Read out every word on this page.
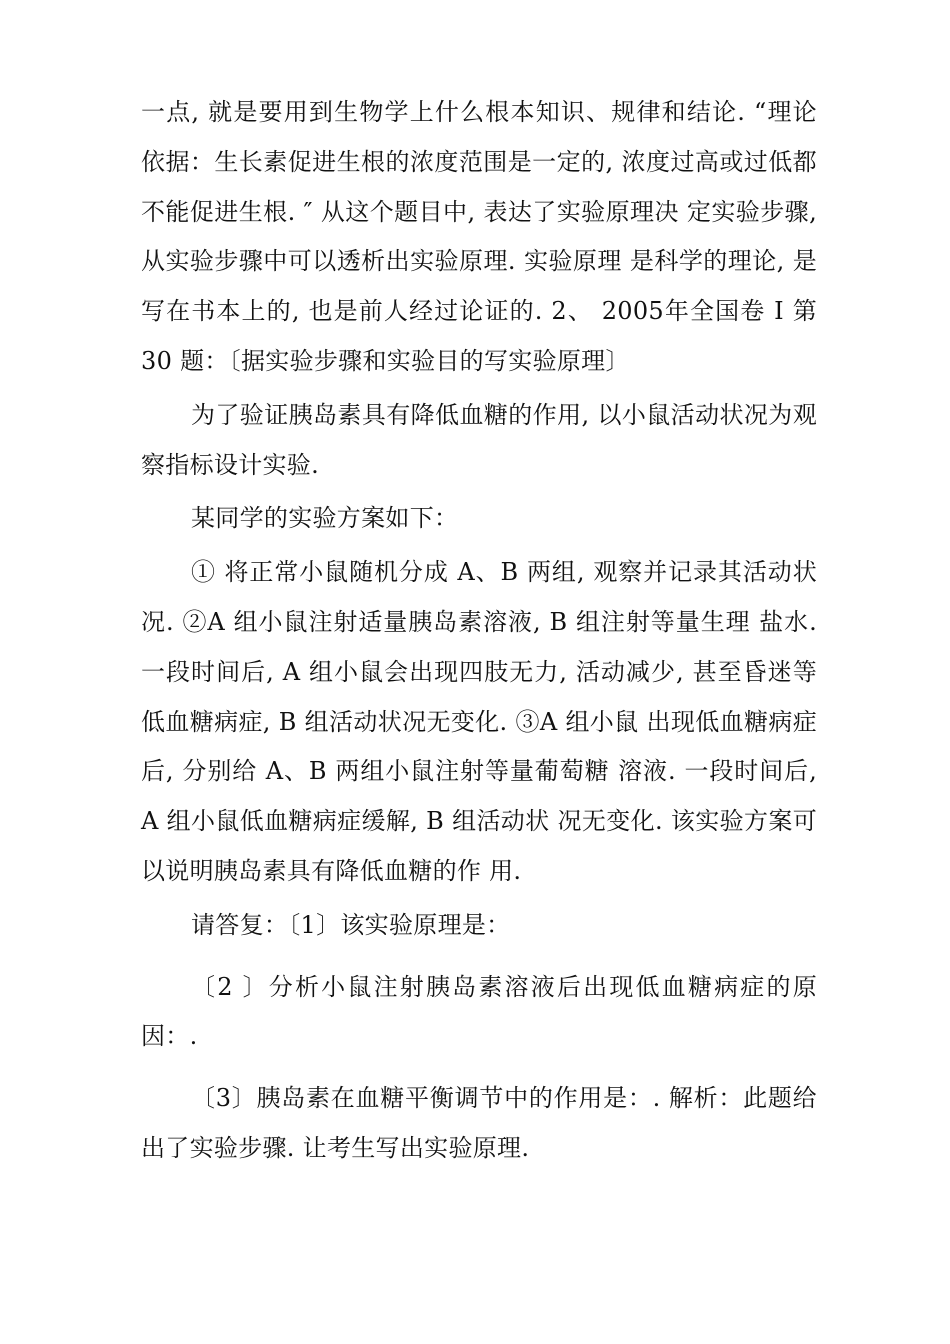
一点, 就是要用到生物学上什么根本知识、规律和结论. “理论依据：生长素促进生根的浓度范围是一定的, 浓度过高或过低都不能促进生根. ″ 从这个题目中, 表达了实验原理决 定实验步骤, 从实验步骤中可以透析出实验原理. 实验原理 是科学的理论, 是写在书本上的, 也是前人经过论证的. 2、 2005年全国卷 I 第 30 题：〔据实验步骤和实验目的写实验原理〕

为了验证胰岛素具有降低血糖的作用, 以小鼠活动状况为观察指标设计实验.

某同学的实验方案如下：

① 将正常小鼠随机分成 A、B 两组, 观察并记录其活动状况. ②A 组小鼠注射适量胰岛素溶液, B 组注射等量生理 盐水. 一段时间后, A 组小鼠会出现四肢无力, 活动减少, 甚至昏迷等低血糖病症, B 组活动状况无变化. ③A 组小鼠 出现低血糖病症后, 分别给 A、B 两组小鼠注射等量葡萄糖 溶液. 一段时间后, A 组小鼠低血糖病症缓解, B 组活动状 况无变化. 该实验方案可以说明胰岛素具有降低血糖的作 用.

请答复：〔1〕该实验原理是：

〔2 〕分析小鼠注射胰岛素溶液后出现低血糖病症的原因：.

〔3〕胰岛素在血糖平衡调节中的作用是：. 解析：此题给出了实验步骤. 让考生写出实验原理.
